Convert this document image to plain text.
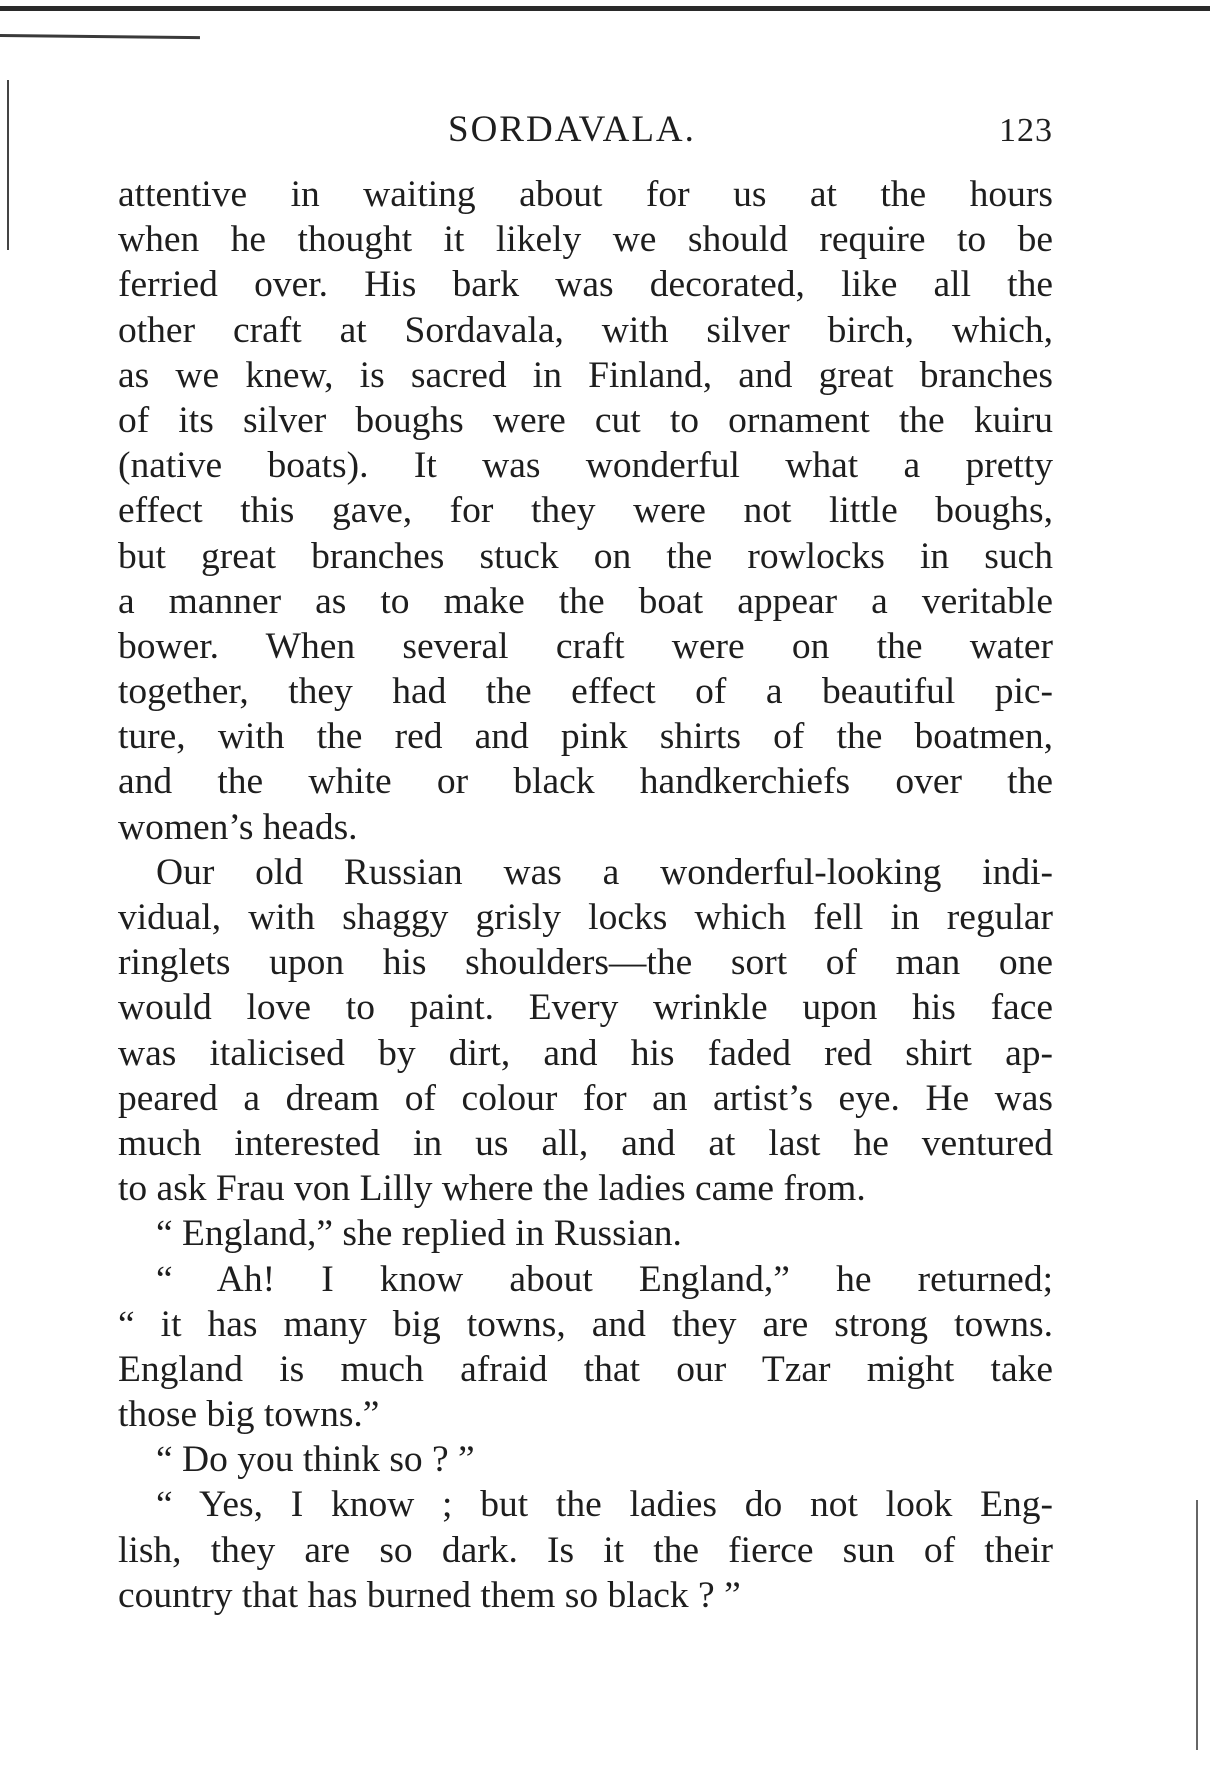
SORDAVALA.	123
attentive in waiting about for us at the hours
when he thought it likely we should require to be
ferried over. His bark was decorated, like all the
other craft at Sordavala, with silver birch, which,
as we knew, is sacred in Finland, and great branches
of its silver boughs were cut to ornament the kuiru
(native boats). It was wonderful what a pretty
effect this gave, for they were not little boughs,
but great branches stuck on the rowlocks in such
a manner as to make the boat appear a veritable
bower. When several craft were on the water
together, they had the effect of a beautiful pic-
ture, with the red and pink shirts of the boatmen,
and the white or black handkerchiefs over the
women’s heads.
Our old Russian was a wonderful-looking indi-
vidual, with shaggy grisly locks which fell in regular
ringlets upon his shoulders—the sort of man one
would love to paint. Every wrinkle upon his face
was italicised by dirt, and his faded red shirt ap-
peared a dream of colour for an artist’s eye. He was
much interested in us all, and at last he ventured
to ask Frau von Lilly where the ladies came from.
“ England,” she replied in Russian.
“ Ah! I know about England,” he returned;
“ it has many big towns, and they are strong towns.
England is much afraid that our Tzar might take
those big towns.”
“ Do you think so ? ”
“ Yes, I know ; but the ladies do not look Eng-
lish, they are so dark. Is it the fierce sun of their
country that has burned them so black ? ”
